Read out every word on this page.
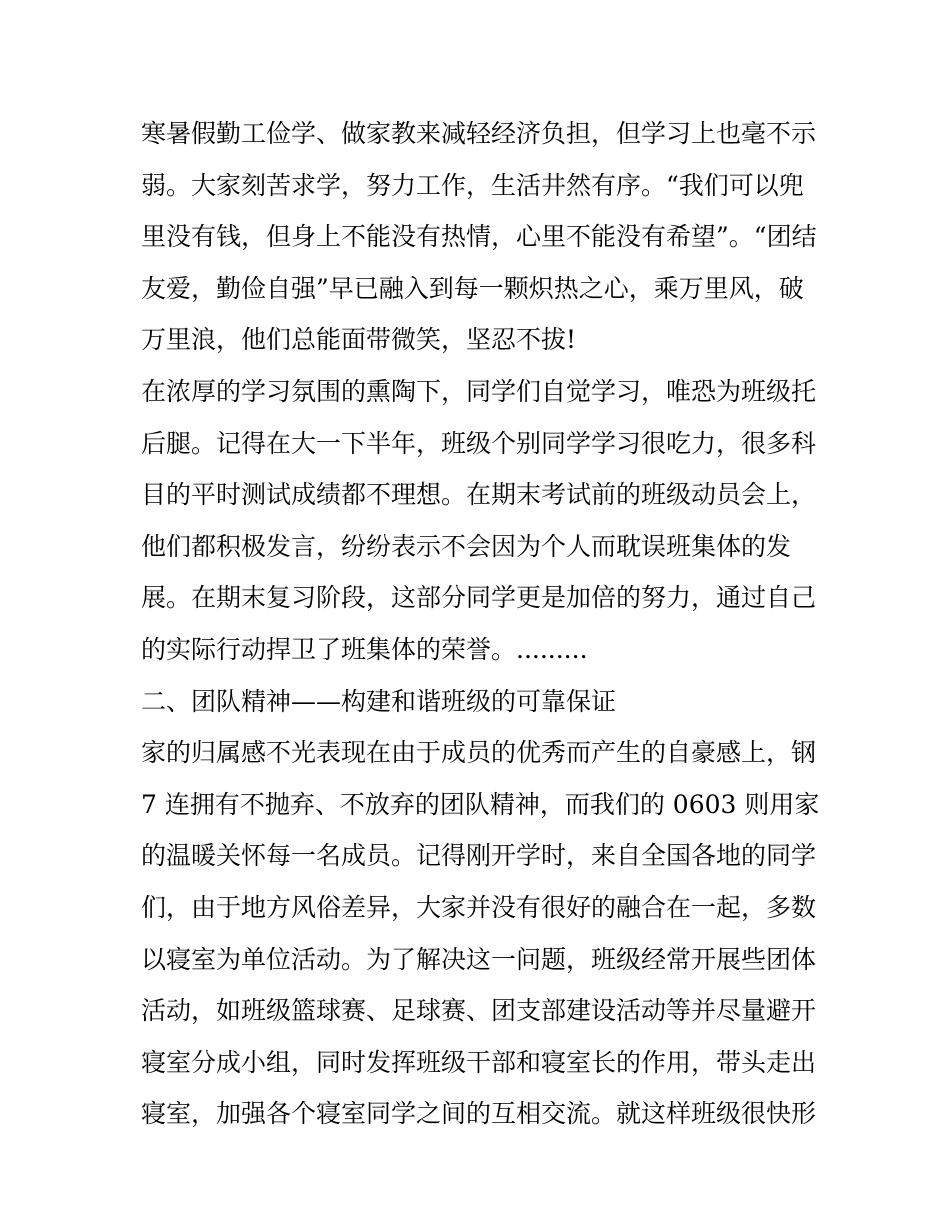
寒暑假勤工俭学、做家教来减轻经济负担，但学习上也毫不示
弱。大家刻苦求学，努力工作，生活井然有序。“我们可以兜
里没有钱，但身上不能没有热情，心里不能没有希望”。“团结
友爱，勤俭自强”早已融入到每一颗炽热之心，乘万里风，破
万里浪，他们总能面带微笑，坚忍不拔!
在浓厚的学习氛围的熏陶下，同学们自觉学习，唯恐为班级托
后腿。记得在大一下半年，班级个别同学学习很吃力，很多科
目的平时测试成绩都不理想。在期末考试前的班级动员会上，
他们都积极发言，纷纷表示不会因为个人而耽误班集体的发
展。在期末复习阶段，这部分同学更是加倍的努力，通过自己
的实际行动捍卫了班集体的荣誉。.........
二、团队精神——构建和谐班级的可靠保证
家的归属感不光表现在由于成员的优秀而产生的自豪感上，钢
7 连拥有不抛弃、不放弃的团队精神，而我们的 0603 则用家
的温暖关怀每一名成员。记得刚开学时，来自全国各地的同学
们，由于地方风俗差异，大家并没有很好的融合在一起，多数
以寝室为单位活动。为了解决这一问题，班级经常开展些团体
活动，如班级篮球赛、足球赛、团支部建设活动等并尽量避开
寝室分成小组，同时发挥班级干部和寝室长的作用，带头走出
寝室，加强各个寝室同学之间的互相交流。就这样班级很快形
